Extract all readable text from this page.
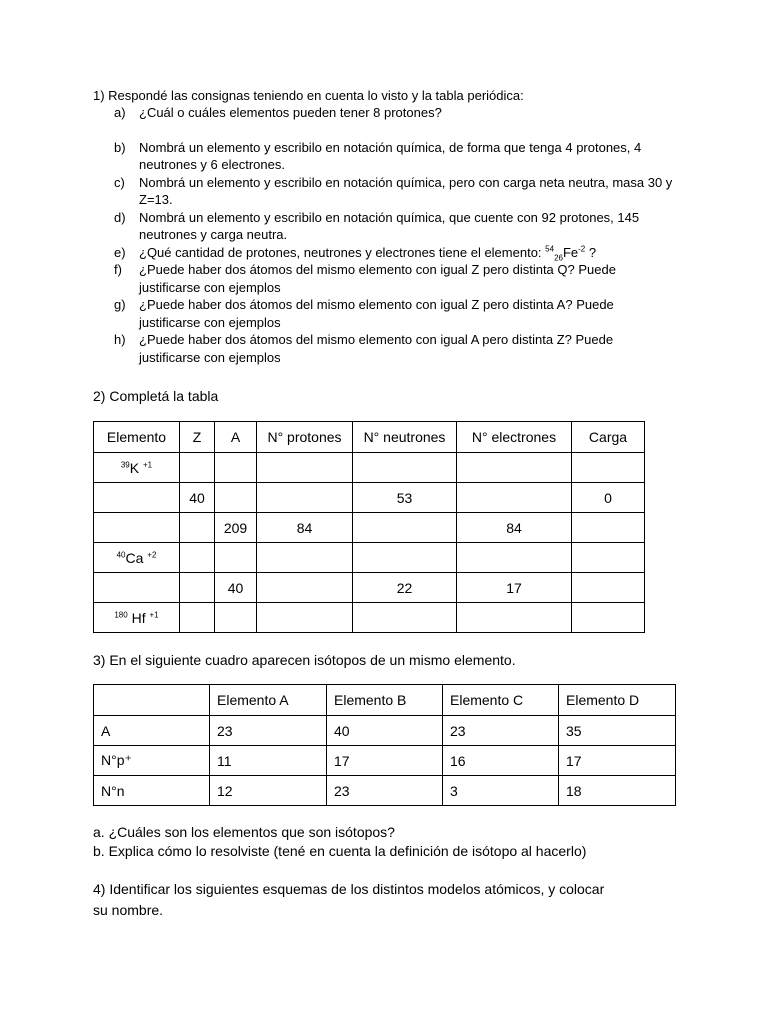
1) Respondé las consignas teniendo en cuenta lo visto y la tabla periódica:
a) ¿Cuál o cuáles elementos pueden tener 8 protones?
b) Nombrá un elemento y escribilo en notación química, de forma que tenga 4 protones, 4 neutrones y 6 electrones.
c) Nombrá un elemento y escribilo en notación química, pero con carga neta neutra, masa 30 y Z=13.
d) Nombrá un elemento y escribilo en notación química, que cuente con 92 protones, 145 neutrones y carga neutra.
e) ¿Qué cantidad de protones, neutrones y electrones tiene el elemento: $^{54}_{26}Fe^{-2}$ ?
f) ¿Puede haber dos átomos del mismo elemento con igual Z pero distinta Q? Puede justificarse con ejemplos
g) ¿Puede haber dos átomos del mismo elemento con igual Z pero distinta A? Puede justificarse con ejemplos
h) ¿Puede haber dos átomos del mismo elemento con igual A pero distinta Z? Puede justificarse con ejemplos
2) Completá la tabla
Elemento	Z	A	N° protones	N° neutrones	N° electrones	Carga
$^{39}$K $^{+1}$						
	40			53		0
		209	84		84	
$^{40}$Ca $^{+2}$						
		40		22	17	
$^{180}$ Hf $^{+1}$						
3) En el siguiente cuadro aparecen isótopos de un mismo elemento.
	Elemento A	Elemento B	Elemento C	Elemento D
A	23	40	23	35
N°p⁺	11	17	16	17
N°n	12	23	3	18
a. ¿Cuáles son los elementos que son isótopos?
b. Explica cómo lo resolviste (tené en cuenta la definición de isótopo al hacerlo)
4) Identificar los siguientes esquemas de los distintos modelos atómicos, y colocar
su nombre.
